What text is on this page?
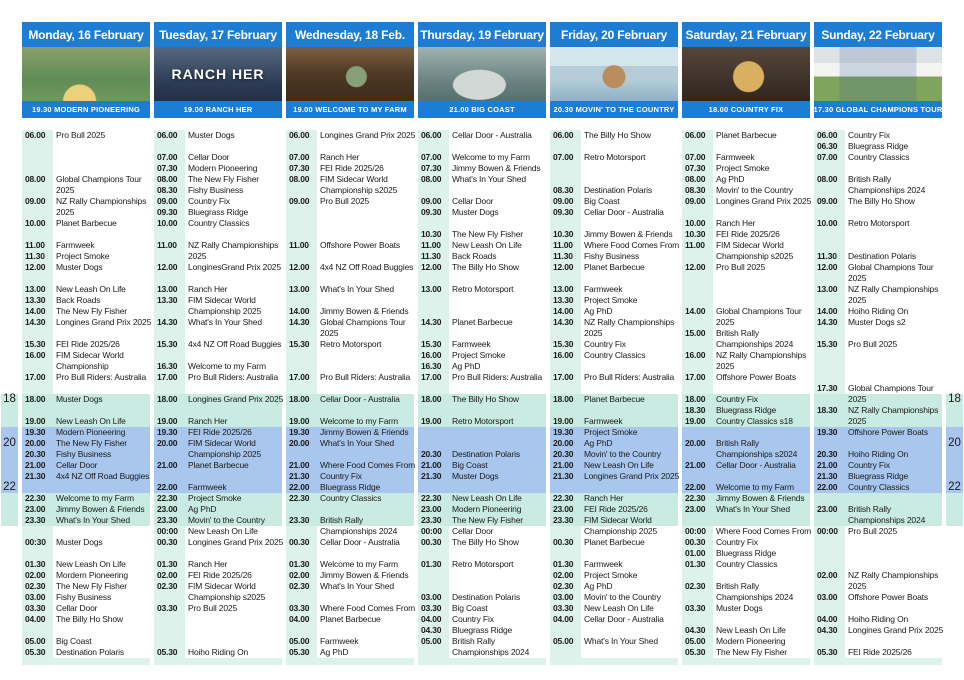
18
20
22
Monday, 16 February
19.30 MODERN PIONEERING
06.00	Pro Bull 2025
08.00	Global Champions Tour 2025
09.00	NZ Rally Championships 2025
10.00	Planet Barbecue
11.00	Farmweek
11.30	Project Smoke
12.00	Muster Dogs
13.00	New Leash On Life
13.30	Back Roads
14.00	The New Fly Fisher
14.30	Longines Grand Prix 2025
15.30	FEI Ride 2025/26
16.00	FIM Sidecar World Championship
17.00	Pro Bull Riders: Australia
18.00	Muster Dogs
19.00	New Leash On Life
19.30	Modern Pioneering
20.00	The New Fly Fisher
20.30	Fishy Business
21.00	Cellar Door
21.30	4x4 NZ Off Road Buggies
22.30	Welcome to my Farm
23.00	Jimmy Bowen & Friends
23.30	What's In Your Shed
00:30	Muster Dogs
01.30	New Leash On Life
02.00	Mordern Pioneering
02.30	The New Fly Fisher
03.00	Fishy Business
03.30	Cellar Door
04.00	The Billy Ho Show
05.00	Big Coast
05.30	Destination Polaris
Tuesday, 17 February
RANCH HER
19.00 RANCH HER
06.00	Muster Dogs
07.00	Cellar Door
07.30	Modern Pioneering
08.00	The New Fly Fisher
08.30	Fishy Business
09.00	Country Fix
09.30	Bluegrass Ridge
10.00	Country Classics
11.00	NZ Rally Championships 2025
12.00	LonginesGrand Prix 2025
13.00	Ranch Her
13.30	FIM Sidecar World Championship 2025
14.30	What's In Your Shed
15.30	4x4 NZ Off Road Buggies
16.30	Welcome to my Farm
17.00	Pro Bull Riders: Australia
18.00	Longines Grand Prix 2025
19.00	Ranch Her
19.30	FEI Ride 2025/26
20.00	FIM Sidecar World Championship 2025
21.00	Planet Barbecue
22.00	Farmweek
22.30	Project Smoke
23.00	Ag PhD
23.30	Movin' to the Country
00:00	New Leash On Life
00.30	Longines Grand Prix 2025
01.30	Ranch Her
02.00	FEI Ride 2025/26
02.30	FIM Sidecar World Championship s2025
03.30	Pro Bull 2025
05.30	Hoiho Riding On
Wednesday, 18 Feb.
19.00 WELCOME TO MY FARM
06.00	Longines Grand Prix 2025
07.00	Ranch Her
07.30	FEI Ride 2025/26
08.00	FIM Sidecar World Championship s2025
09.00	Pro Bull 2025
11.00	Offshore Power Boats
12.00	4x4 NZ Off Road Buggies
13.00	What's In Your Shed
14.00	Jimmy Bowen & Friends
14.30	Global Champions Tour 2025
15.30	Retro Motorsport
17.00	Pro Bull Riders: Australia
18.00	Cellar Door - Australia
19.00	Welcome to my Farm
19.30	Jimmy Bowen & Friends
20.00	What's In Your Shed
21.00	Where Food Comes From
21.30	Country Fix
22.00	Bluegrass Ridge
22.30	Country Classics
23.30	British Rally Championships 2024
00.30	Cellar Door - Australia
01.30	Welcome to my Farm
02.00	Jimmy Bowen & Friends
02.30	What's In Your Shed
03.30	Where Food Comes From
04.00	Planet Barbecue
05.00	Farmweek
05.30	Ag PhD
Thursday, 19 February
21.00 BIG COAST
06.00	Cellar Door - Australia
07.00	Welcome to my Farm
07.30	Jimmy Bowen & Friends
08.00	What's In Your Shed
09.00	Cellar Door
09.30	Muster Dogs
10.30	The New Fly Fisher
11.00	New Leash On Life
11.30	Back Roads
12.00	The Billy Ho Show
13.00	Retro Motorsport
14.30	Planet Barbecue
15.30	Farmweek
16.00	Project Smoke
16.30	Ag PhD
17.00	Pro Bull Riders: Australia
18.00	The Billy Ho Show
19.00	Retro Motorsport
20.30	Destination Polaris
21.00	Big Coast
21.30	Muster Dogs
22.30	New Leash On Life
23.00	Modern Pioneering
23.30	The New Fly Fisher
00:00	Cellar Door
00.30	The Billy Ho Show
01.30	Retro Motorsport
03.00	Destination Polaris
03.30	Big Coast
04.00	Country Fix
04.30	Bluegrass Ridge
05.00	British Rally Championships 2024
Friday, 20 February
20.30 MOVIN' TO THE COUNTRY
06.00	The Billy Ho Show
07.00	Retro Motorsport
08.30	Destination Polaris
09.00	Big Coast
09.30	Cellar Door - Australia
10.30	Jimmy Bowen & Friends
11.00	Where Food Comes From
11.30	Fishy Business
12.00	Planet Barbecue
13.00	Farmweek
13.30	Project Smoke
14.00	Ag PhD
14.30	NZ Rally Championships 2025
15.30	Country Fix
16.00	Country Classics
17.00	Pro Bull Riders: Australia
18.00	Planet Barbecue
19.00	Farmweek
19.30	Project Smoke
20.00	Ag PhD
20.30	Movin' to the Country
21.00	New Leash On Life
21.30	Longines Grand Prix 2025
22.30	Ranch Her
23.00	FEI Ride 2025/26
23.30	FIM Sidecar World Championship 2025
00.30	Planet Barbecue
01.30	Farmweek
02.00	Project Smoke
02.30	Ag PhD
03.00	Movin' to the Country
03.30	New Leash On Life
04.00	Cellar Door - Australia
05.00	What's In Your Shed
Saturday, 21 February
18.00 COUNTRY FIX
06.00	Planet Barbecue
07.00	Farmweek
07.30	Project Smoke
08.00	Ag PhD
08.30	Movin' to the Country
09.00	Longines Grand Prix 2025
10.00	Ranch Her
10.30	FEI Ride 2025/26
11.00	FIM Sidecar World Championship s2025
12.00	Pro Bull 2025
14.00	Global Champions Tour 2025
15.00	British Rally Championships 2024
16.00	NZ Rally Championships 2025
17.00	Offshore Power Boats
18.00	Country Fix
18.30	Bluegrass Ridge
19.00	Country Classics s18
20.00	British Rally Championships s2024
21.00	Cellar Door - Australia
22.00	Welcome to my Farm
22.30	Jimmy Bowen & Friends
23.00	What's In Your Shed
00:00	Where Food Comes From
00.30	Country Fix
01.00	Bluegrass Ridge
01.30	Country Classics
02.30	British Rally Championships 2024
03.30	Muster Dogs
04.30	New Leash On Life
05.00	Modern Pioneering
05.30	The New Fly Fisher
Sunday, 22 February
17.30 GLOBAL CHAMPIONS TOUR
06.00	Country Fix
06.30	Bluegrass Ridge
07.00	Country Classics
08.00	British Rally Championships 2024
09.00	The Billy Ho Show
10.00	Retro Motorsport
11.30	Destination Polaris
12.00	Global Champions Tour 2025
13.00	NZ Rally Championships 2025
14.00	Hoiho Riding On
14.30	Muster Dogs s2
15.30	Pro Bull 2025
17.30	Global Champions Tour 2025
18.30	NZ Rally Championships 2025
19.30	Offshore Power Boats
20.30	Hoiho Riding On
21.00	Country Fix
21.30	Bluegrass Ridge
22.00	Country Classics
23.00	British Rally Championships 2024
00:00	Pro Bull 2025
02.00	NZ Rally Championships 2025
03.00	Offshore Power Boats
04.00	Hoiho Riding On
04.30	Longines Grand Prix 2025
05.30	FEI Ride 2025/26
18
20
22
